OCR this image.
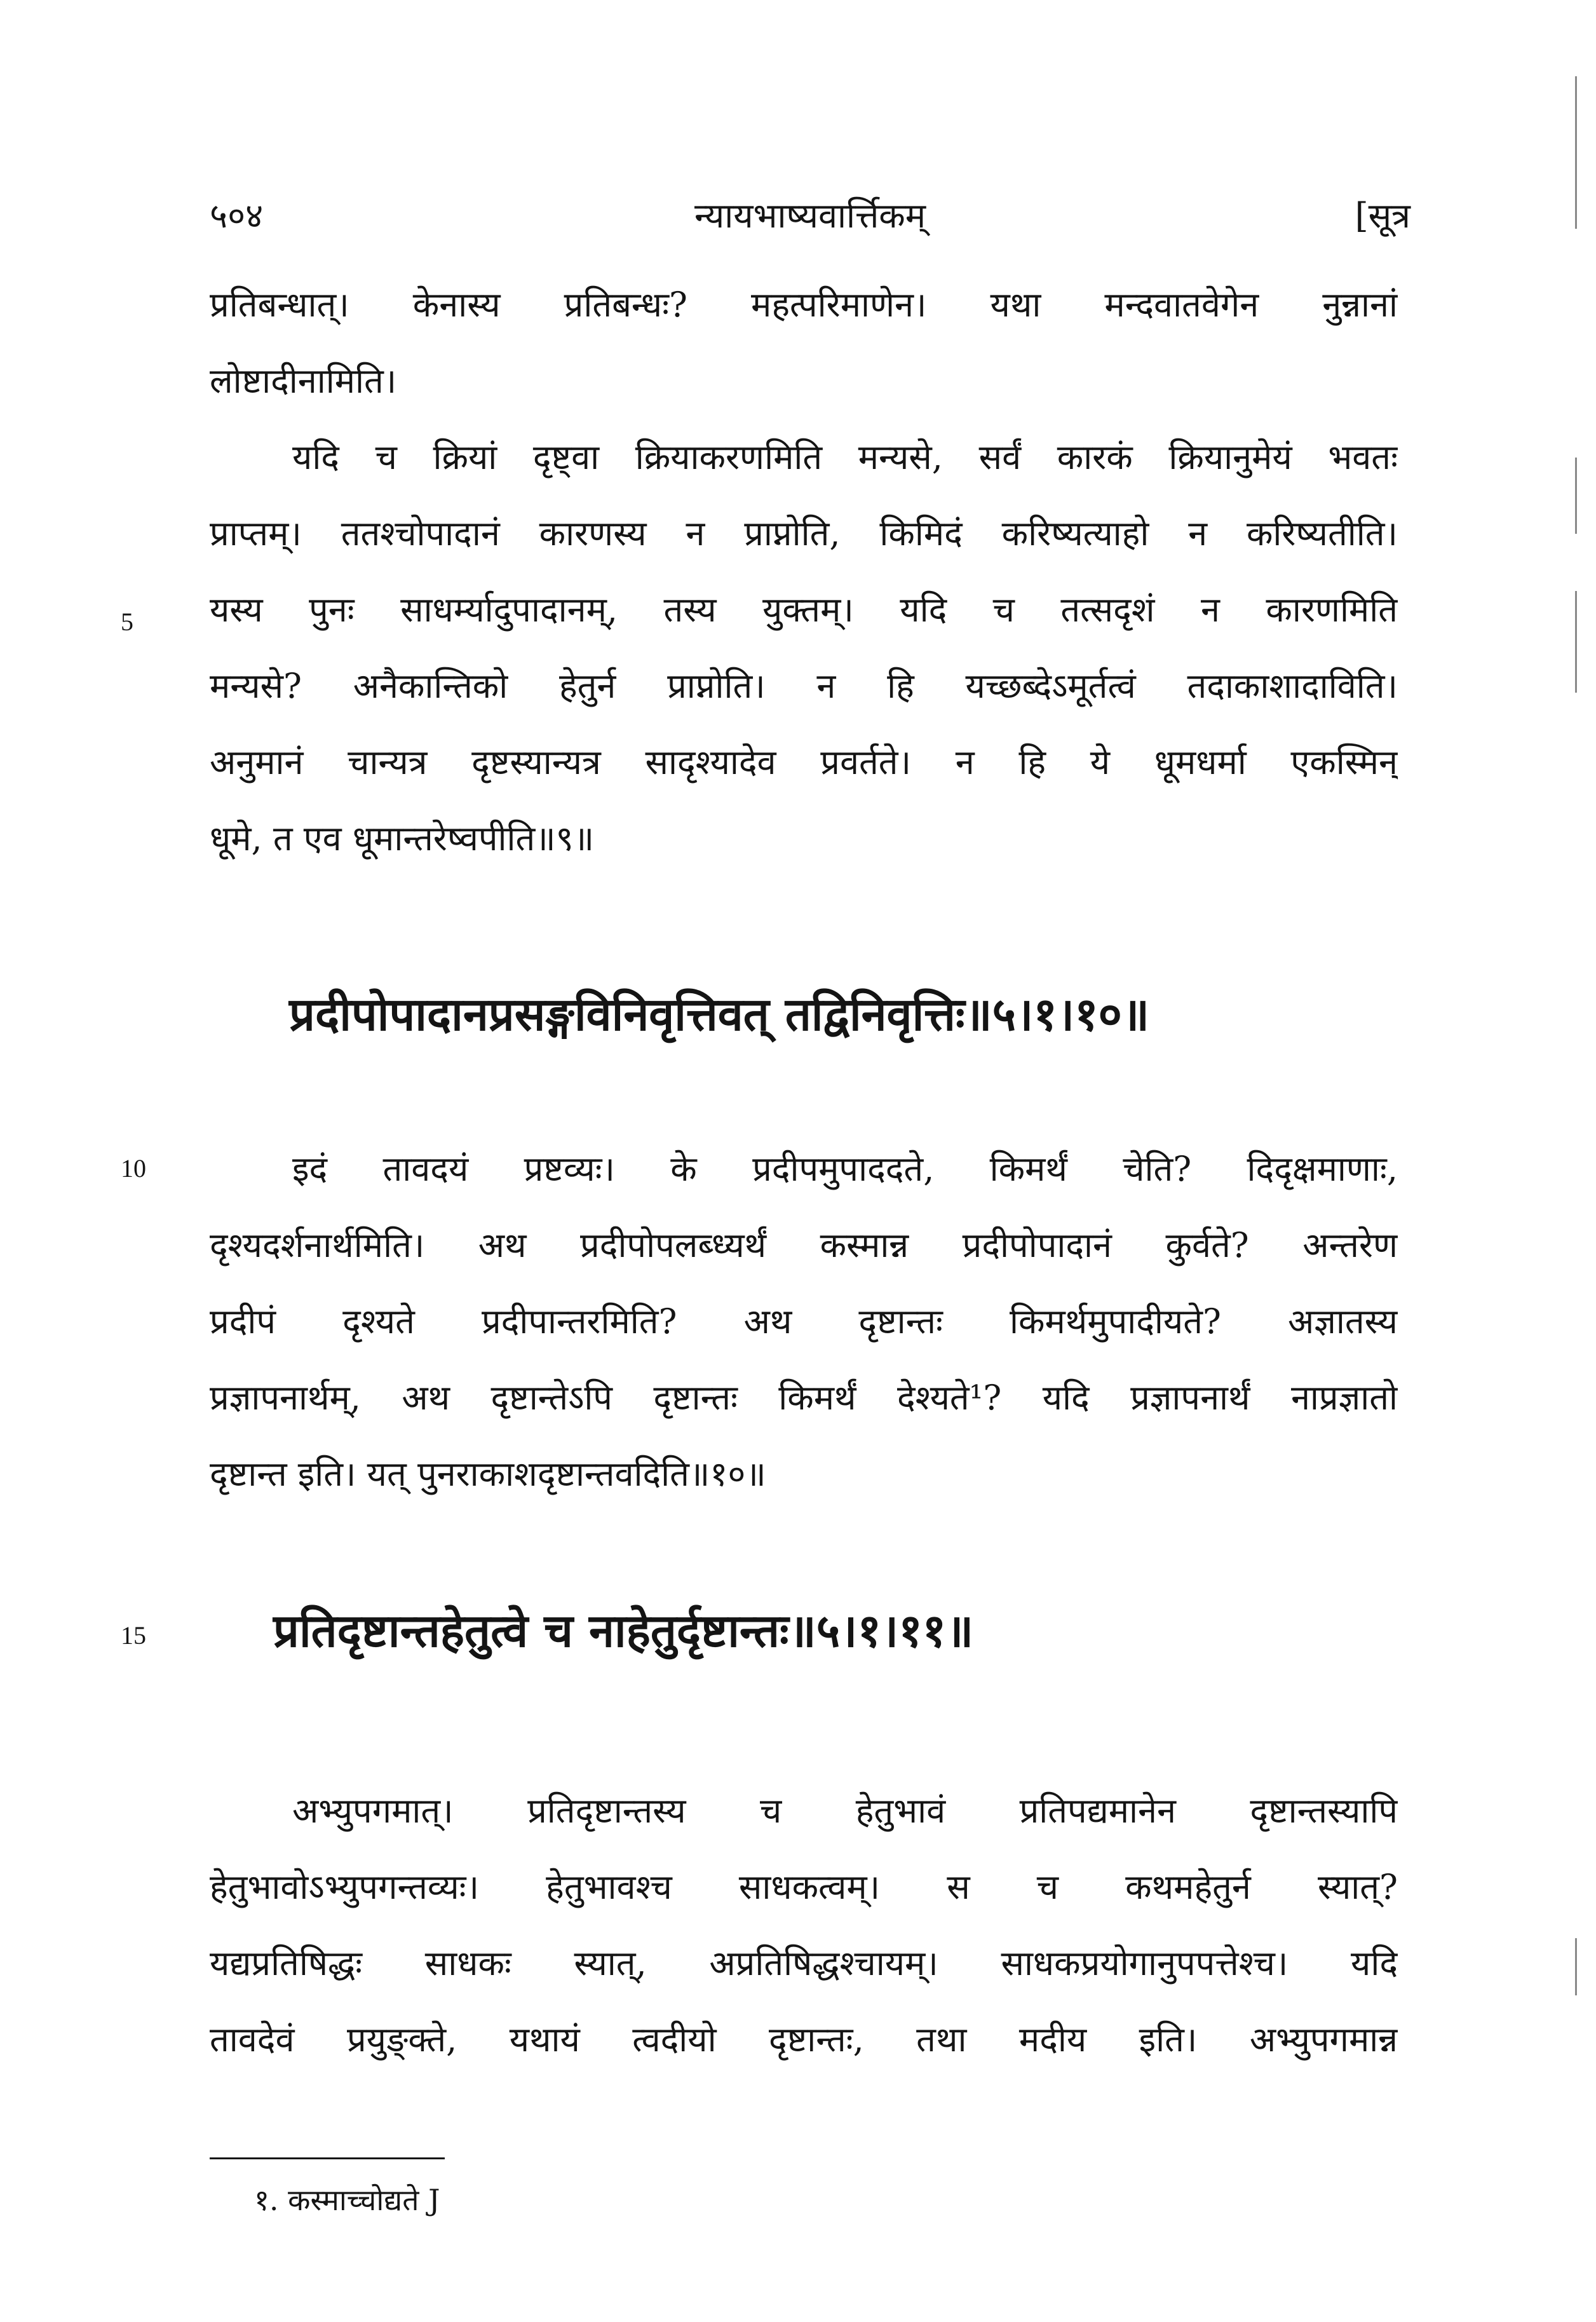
५०४	न्यायभाष्यवार्त्तिकम्	[सूत्र
प्रतिबन्धात्। केनास्य प्रतिबन्धः? महत्परिमाणेन। यथा मन्दवातवेगेन नुन्नानां
लोष्टादीनामिति।
यदि च क्रियां दृष्ट्वा क्रियाकरणमिति मन्यसे, सर्वं कारकं क्रियानुमेयं भवतः
प्राप्तम्। ततश्चोपादानं कारणस्य न प्राप्नोति, किमिदं करिष्यत्याहो न करिष्यतीति।
यस्य पुनः साधर्म्यादुपादानम्, तस्य युक्तम्। यदि च तत्सदृशं न कारणमिति
मन्यसे? अनैकान्तिको हेतुर्न प्राप्नोति। न हि यच्छब्देऽमूर्तत्वं तदाकाशादाविति।
अनुमानं चान्यत्र दृष्टस्यान्यत्र सादृश्यादेव प्रवर्तते। न हि ये धूमधर्मा एकस्मिन्
धूमे, त एव धूमान्तरेष्वपीति॥९॥
5
प्रदीपोपादानप्रसङ्गविनिवृत्तिवत् तद्विनिवृत्तिः॥५।१।१०॥
इदं तावदयं प्रष्टव्यः। के प्रदीपमुपाददते, किमर्थं चेति? दिदृक्षमाणाः,
दृश्यदर्शनार्थमिति। अथ प्रदीपोपलब्ध्यर्थं कस्मान्न प्रदीपोपादानं कुर्वते? अन्तरेण
प्रदीपं दृश्यते प्रदीपान्तरमिति? अथ दृष्टान्तः किमर्थमुपादीयते? अज्ञातस्य
प्रज्ञापनार्थम्, अथ दृष्टान्तेऽपि दृष्टान्तः किमर्थं देश्यते¹? यदि प्रज्ञापनार्थं नाप्रज्ञातो
दृष्टान्त इति। यत् पुनराकाशदृष्टान्तवदिति॥१०॥
10
15	प्रतिदृष्टान्तहेतुत्वे च नाहेतुर्दृष्टान्तः॥५।१।११॥
अभ्युपगमात्। प्रतिदृष्टान्तस्य च हेतुभावं प्रतिपद्यमानेन दृष्टान्तस्यापि
हेतुभावोऽभ्युपगन्तव्यः। हेतुभावश्च साधकत्वम्। स च कथमहेतुर्न स्यात्?
यद्यप्रतिषिद्धः साधकः स्यात्, अप्रतिषिद्धश्चायम्। साधकप्रयोगानुपपत्तेश्च। यदि
तावदेवं प्रयुङ्क्ते, यथायं त्वदीयो दृष्टान्तः, तथा मदीय इति। अभ्युपगमान्न
१. कस्माच्चोद्यते J
